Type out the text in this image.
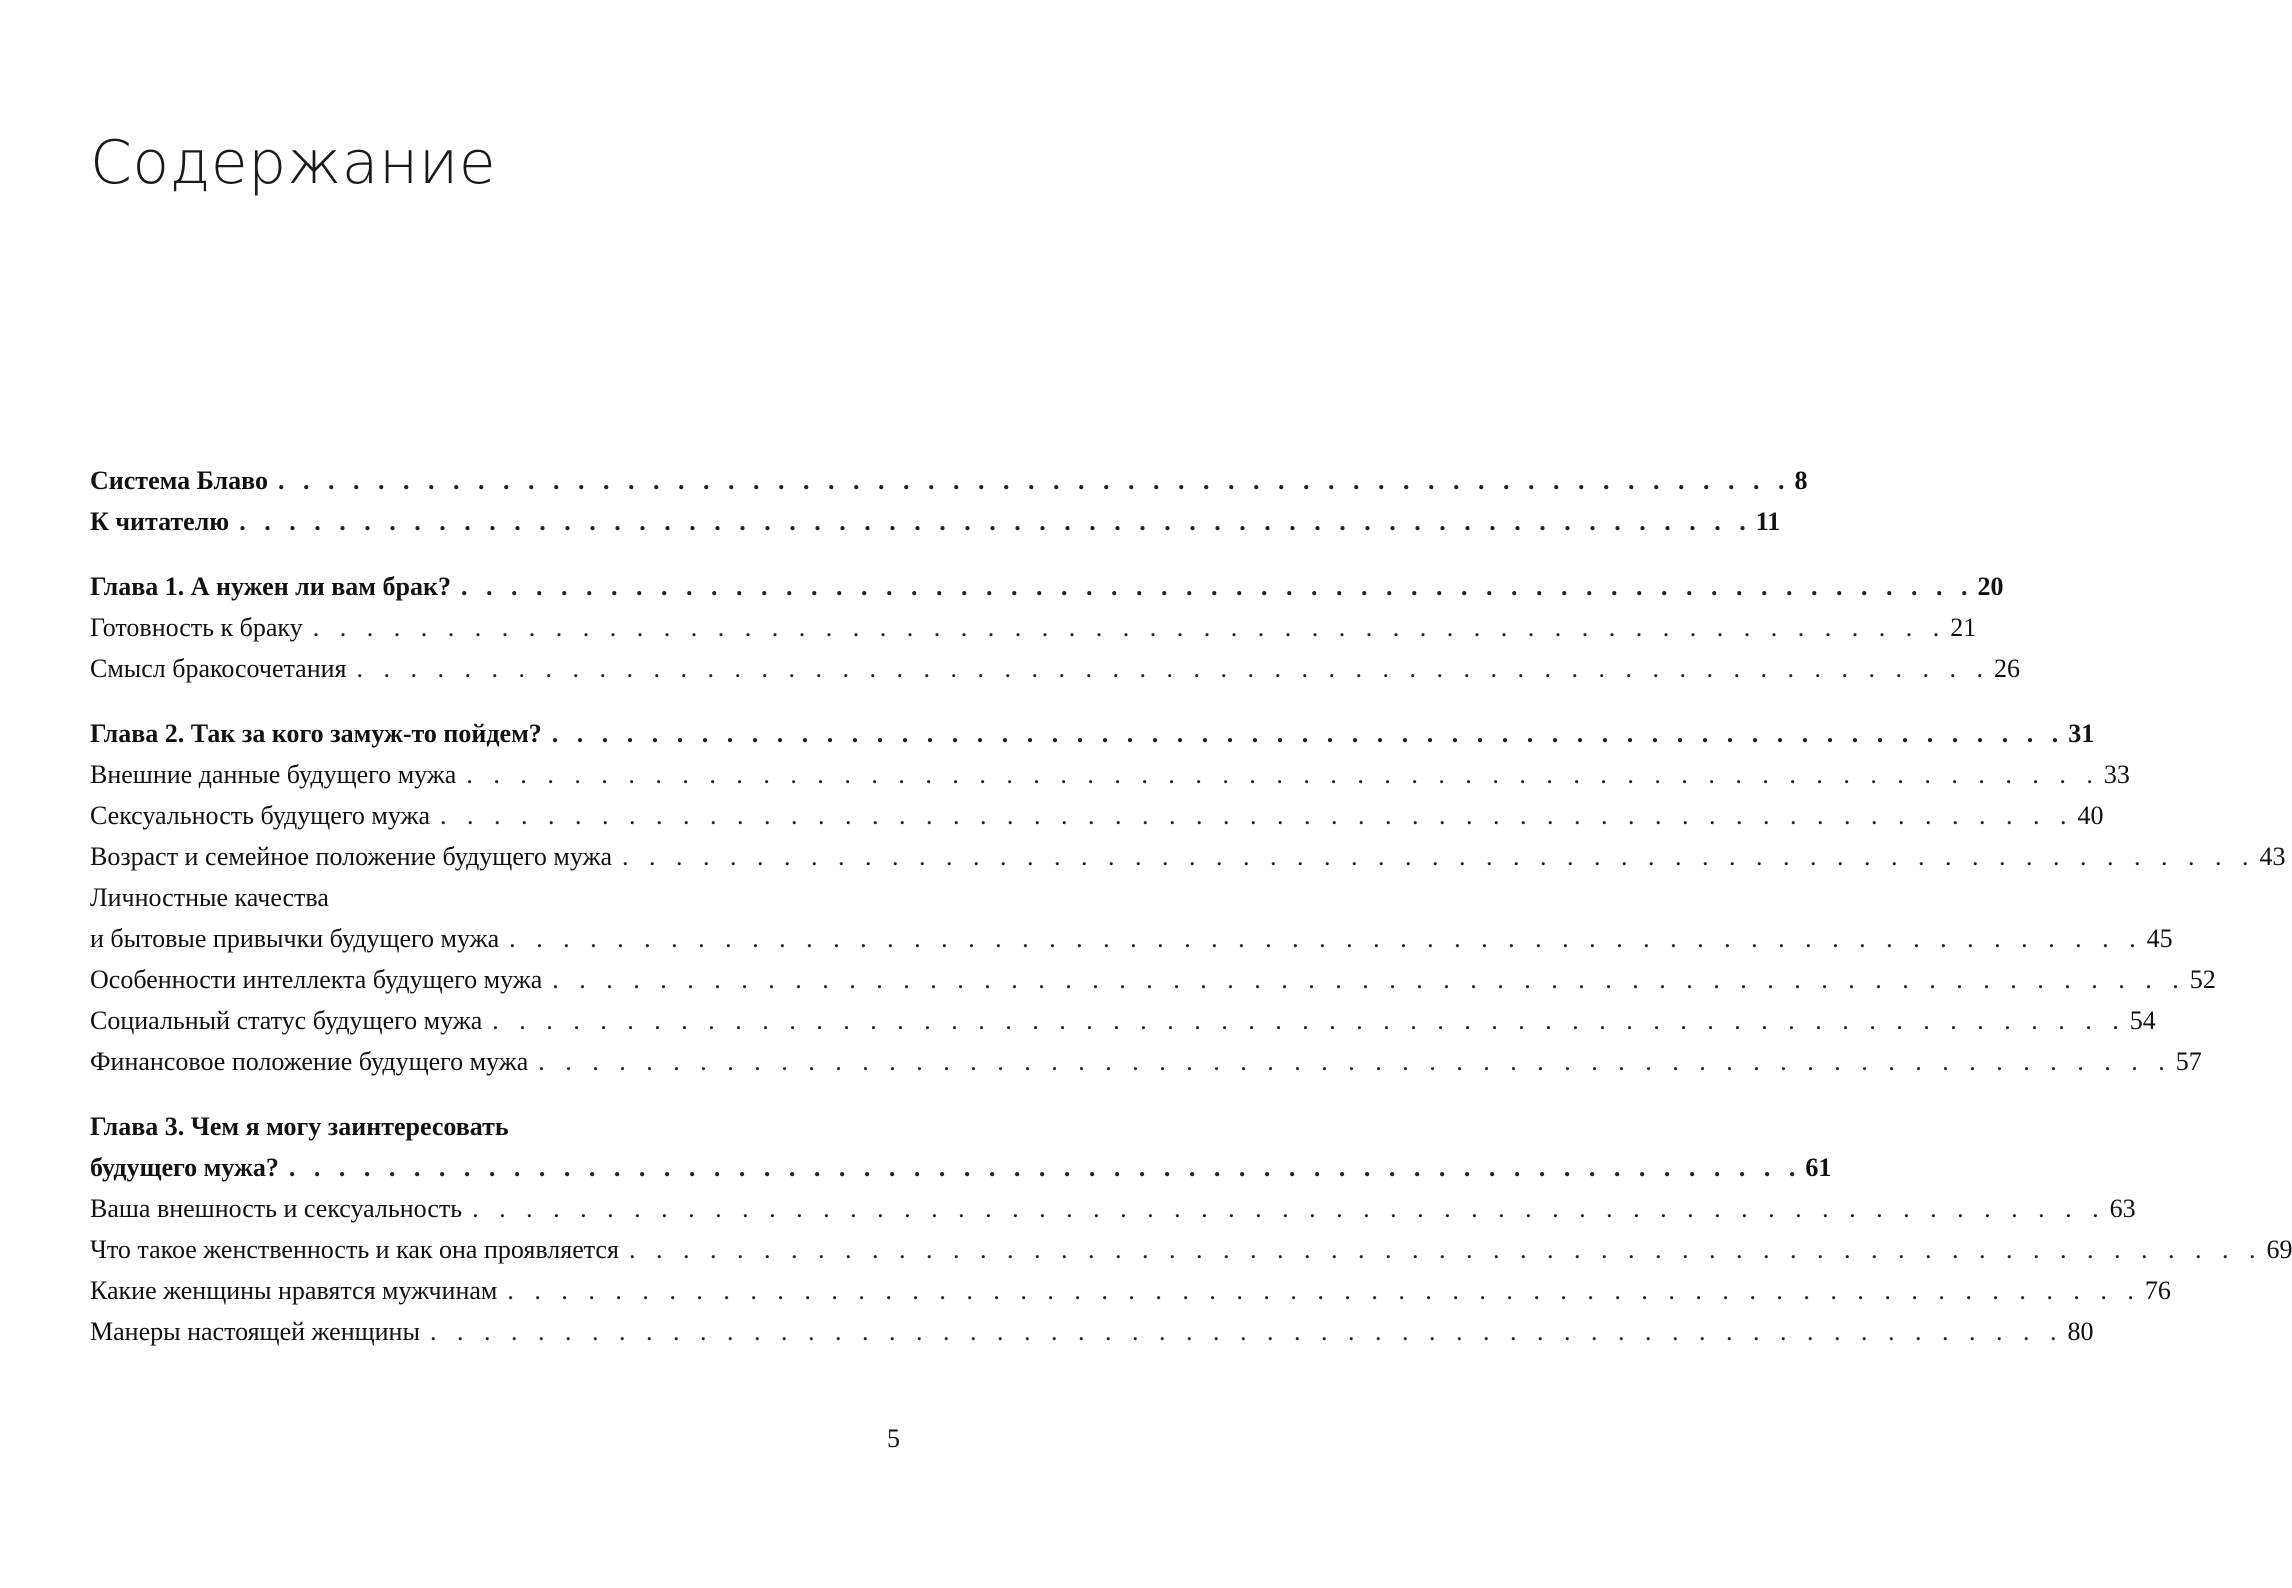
Содержание
Система Блаво . . . . . . . . . . . . . . . . . . . . . . . . . . . . . . . . . . . . . . . . . . . . . . . . . . . . . . . . . . . . . 8
К читателю . . . . . . . . . . . . . . . . . . . . . . . . . . . . . . . . . . . . . . . . . . . . . . . . . . . . . . . . . . . . . 11
Глава 1. А нужен ли вам брак? . . . . . . . . . . . . . . . . . . . . . . . . . . . . . . . . . . . . . . . . . . . . . . . . . . . . . . . . . . . . . 20
Готовность к браку . . . . . . . . . . . . . . . . . . . . . . . . . . . . . . . . . . . . . . . . . . . . . . . . . . . . . . . . . . . . . 21
Смысл бракосочетания . . . . . . . . . . . . . . . . . . . . . . . . . . . . . . . . . . . . . . . . . . . . . . . . . . . . . . . . . . . . . 26
Глава 2. Так за кого замуж-то пойдем? . . . . . . . . . . . . . . . . . . . . . . . . . . . . . . . . . . . . . . . . . . . . . . . . . . . . . . . . . . . . . 31
Внешние данные будущего мужа . . . . . . . . . . . . . . . . . . . . . . . . . . . . . . . . . . . . . . . . . . . . . . . . . . . . . . . . . . . . . 33
Сексуальность будущего мужа . . . . . . . . . . . . . . . . . . . . . . . . . . . . . . . . . . . . . . . . . . . . . . . . . . . . . . . . . . . . . 40
Возраст и семейное положение будущего мужа . . . . . . . . . . . . . . . . . . . . . . . . . . . . . . . . . . . . . . . . . . . . . . . . . . . . . . . . . . . . . 43
Личностные качества
и бытовые привычки будущего мужа . . . . . . . . . . . . . . . . . . . . . . . . . . . . . . . . . . . . . . . . . . . . . . . . . . . . . . . . . . . . . 45
Особенности интеллекта будущего мужа . . . . . . . . . . . . . . . . . . . . . . . . . . . . . . . . . . . . . . . . . . . . . . . . . . . . . . . . . . . . . 52
Социальный статус будущего мужа . . . . . . . . . . . . . . . . . . . . . . . . . . . . . . . . . . . . . . . . . . . . . . . . . . . . . . . . . . . . . 54
Финансовое положение будущего мужа . . . . . . . . . . . . . . . . . . . . . . . . . . . . . . . . . . . . . . . . . . . . . . . . . . . . . . . . . . . . . 57
Глава 3. Чем я могу заинтересовать
будущего мужа? . . . . . . . . . . . . . . . . . . . . . . . . . . . . . . . . . . . . . . . . . . . . . . . . . . . . . . . . . . . . . 61
Ваша внешность и сексуальность . . . . . . . . . . . . . . . . . . . . . . . . . . . . . . . . . . . . . . . . . . . . . . . . . . . . . . . . . . . . . 63
Что такое женственность и как она проявляется . . . . . . . . . . . . . . . . . . . . . . . . . . . . . . . . . . . . . . . . . . . . . . . . . . . . . . . . . . . . . 69
Какие женщины нравятся мужчинам . . . . . . . . . . . . . . . . . . . . . . . . . . . . . . . . . . . . . . . . . . . . . . . . . . . . . . . . . . . . . 76
Манеры настоящей женщины . . . . . . . . . . . . . . . . . . . . . . . . . . . . . . . . . . . . . . . . . . . . . . . . . . . . . . . . . . . . . 80
5
